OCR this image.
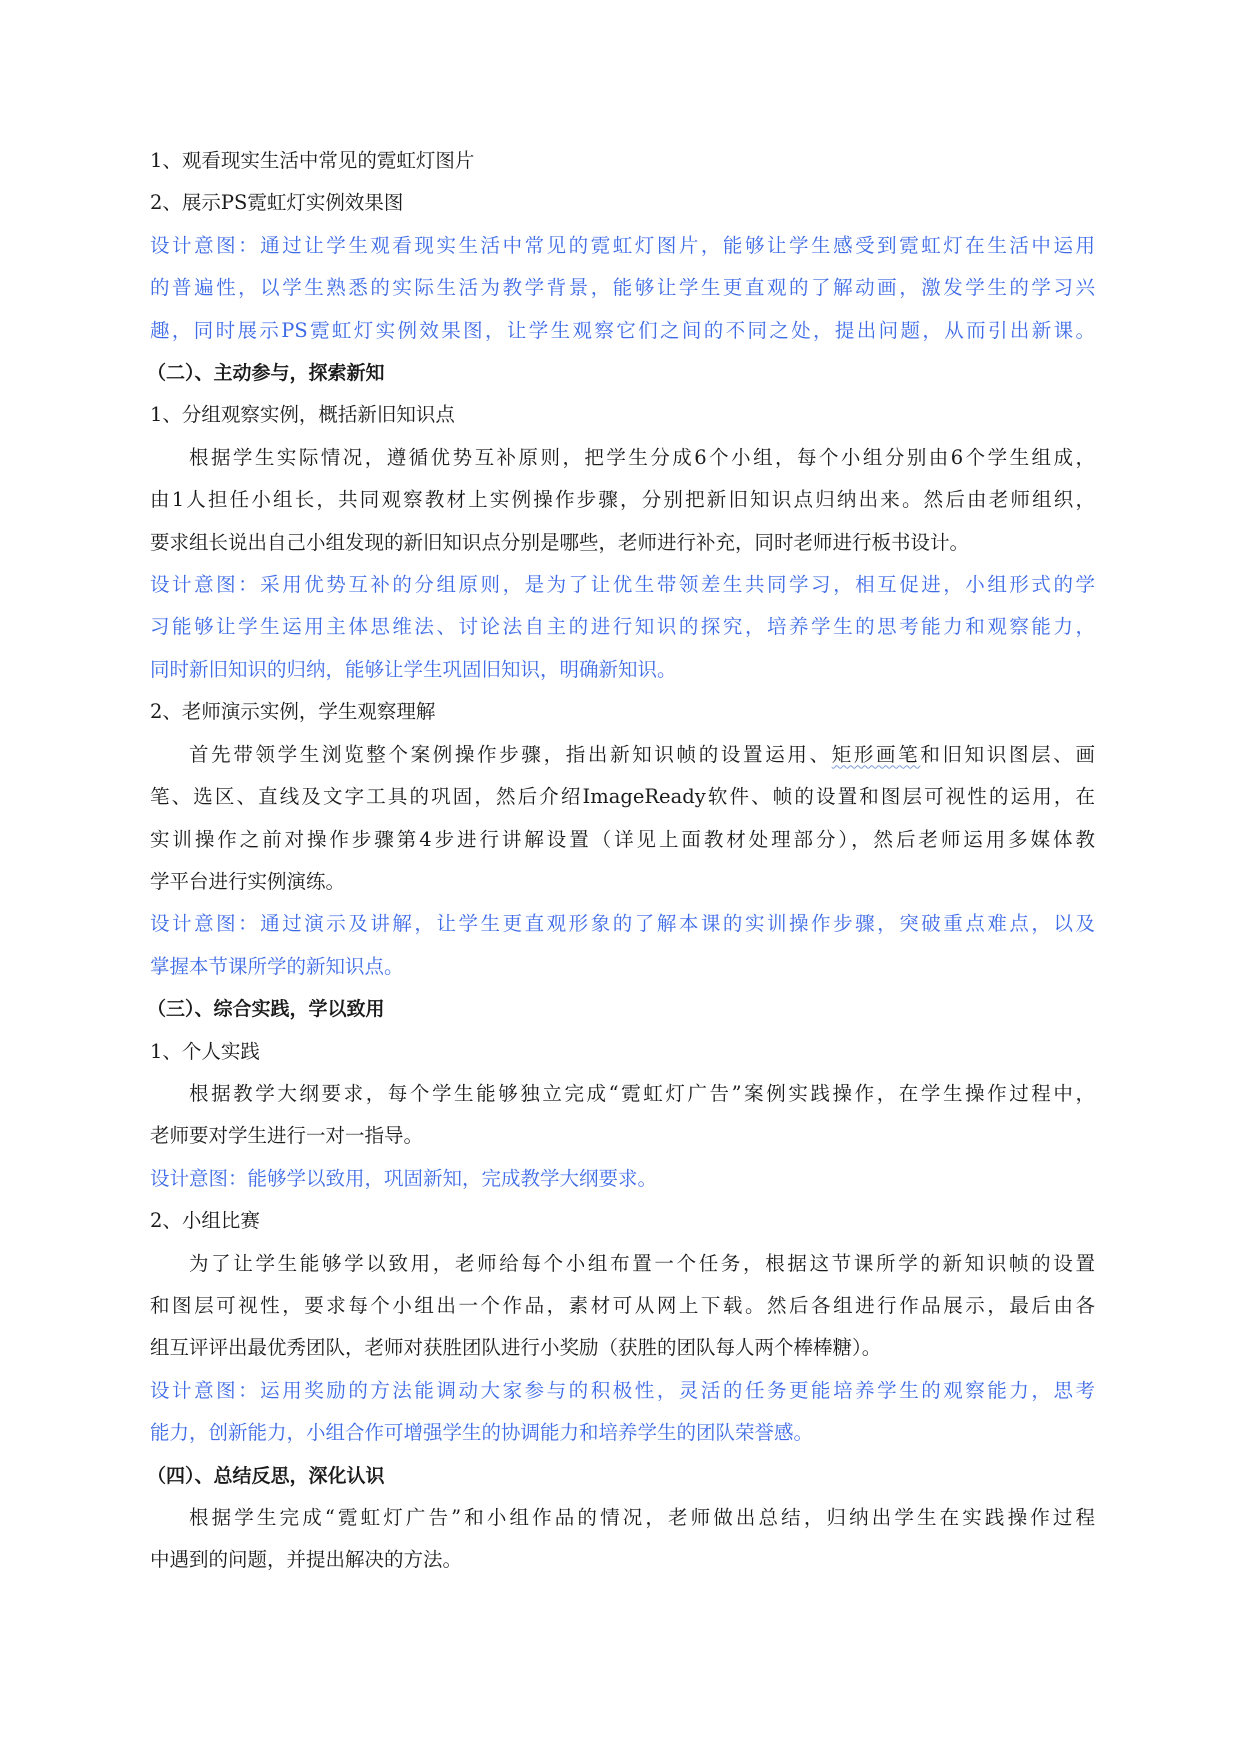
1、观看现实生活中常见的霓虹灯图片

2、展示PS霓虹灯实例效果图

设计意图：通过让学生观看现实生活中常见的霓虹灯图片，能够让学生感受到霓虹灯在生活中运用

的普遍性，以学生熟悉的实际生活为教学背景，能够让学生更直观的了解动画，激发学生的学习兴

趣，同时展示PS霓虹灯实例效果图，让学生观察它们之间的不同之处，提出问题，从而引出新课。

（二）、主动参与，探索新知

1、分组观察实例，概括新旧知识点

根据学生实际情况，遵循优势互补原则，把学生分成6个小组，每个小组分别由6个学生组成，

由1人担任小组长，共同观察教材上实例操作步骤，分别把新旧知识点归纳出来。然后由老师组织，

要求组长说出自己小组发现的新旧知识点分别是哪些，老师进行补充，同时老师进行板书设计。

设计意图：采用优势互补的分组原则，是为了让优生带领差生共同学习，相互促进，小组形式的学

习能够让学生运用主体思维法、讨论法自主的进行知识的探究，培养学生的思考能力和观察能力，

同时新旧知识的归纳，能够让学生巩固旧知识，明确新知识。

2、老师演示实例，学生观察理解

首先带领学生浏览整个案例操作步骤，指出新知识帧的设置运用、矩形画笔和旧知识图层、画

笔、选区、直线及文字工具的巩固，然后介绍ImageReady软件、帧的设置和图层可视性的运用，在

实训操作之前对操作步骤第4步进行讲解设置（详见上面教材处理部分），然后老师运用多媒体教

学平台进行实例演练。

设计意图：通过演示及讲解，让学生更直观形象的了解本课的实训操作步骤，突破重点难点，以及

掌握本节课所学的新知识点。

（三）、综合实践，学以致用

1、个人实践

根据教学大纲要求，每个学生能够独立完成“霓虹灯广告”案例实践操作，在学生操作过程中，

老师要对学生进行一对一指导。

设计意图：能够学以致用，巩固新知，完成教学大纲要求。

2、小组比赛

为了让学生能够学以致用，老师给每个小组布置一个任务，根据这节课所学的新知识帧的设置

和图层可视性，要求每个小组出一个作品，素材可从网上下载。然后各组进行作品展示，最后由各

组互评评出最优秀团队，老师对获胜团队进行小奖励（获胜的团队每人两个棒棒糖）。

设计意图：运用奖励的方法能调动大家参与的积极性，灵活的任务更能培养学生的观察能力，思考

能力，创新能力，小组合作可增强学生的协调能力和培养学生的团队荣誉感。

（四）、总结反思，深化认识

根据学生完成“霓虹灯广告”和小组作品的情况，老师做出总结，归纳出学生在实践操作过程

中遇到的问题，并提出解决的方法。
